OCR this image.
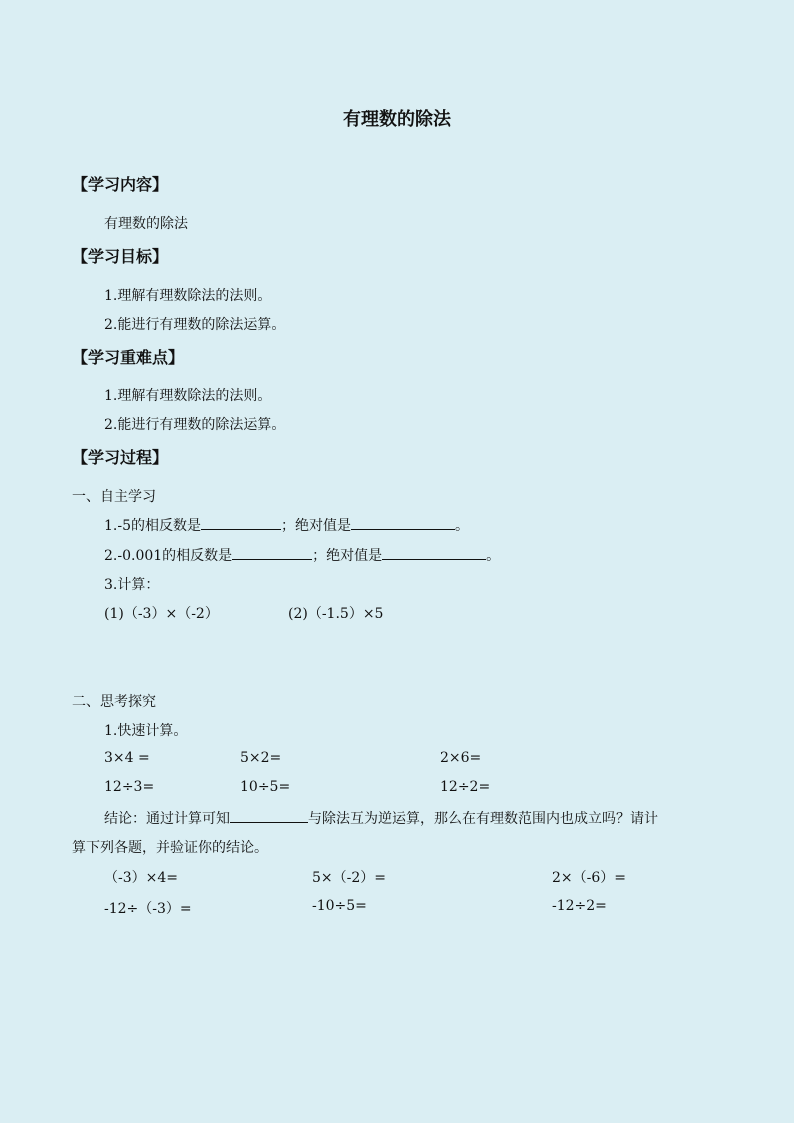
有理数的除法
【学习内容】
有理数的除法
【学习目标】
1.理解有理数除法的法则。
2.能进行有理数的除法运算。
【学习重难点】
1.理解有理数除法的法则。
2.能进行有理数的除法运算。
【学习过程】
一、自主学习
1.-5的相反数是	；绝对值是	。
2.-0.001的相反数是	；绝对值是	。
3.计算：
(1)（-3）×（-2）	(2)（-1.5）×5
二、思考探究
1.快速计算。
3×4 =	5×2=	2×6=
12÷3=	10÷5=	12÷2=
结论：通过计算可知	与除法互为逆运算，那么在有理数范围内也成立吗？请计
算下列各题，并验证你的结论。
（-3）×4=	5×（-2）=	2×（-6）=
-12÷（-3）=	-10÷5=	-12÷2=
